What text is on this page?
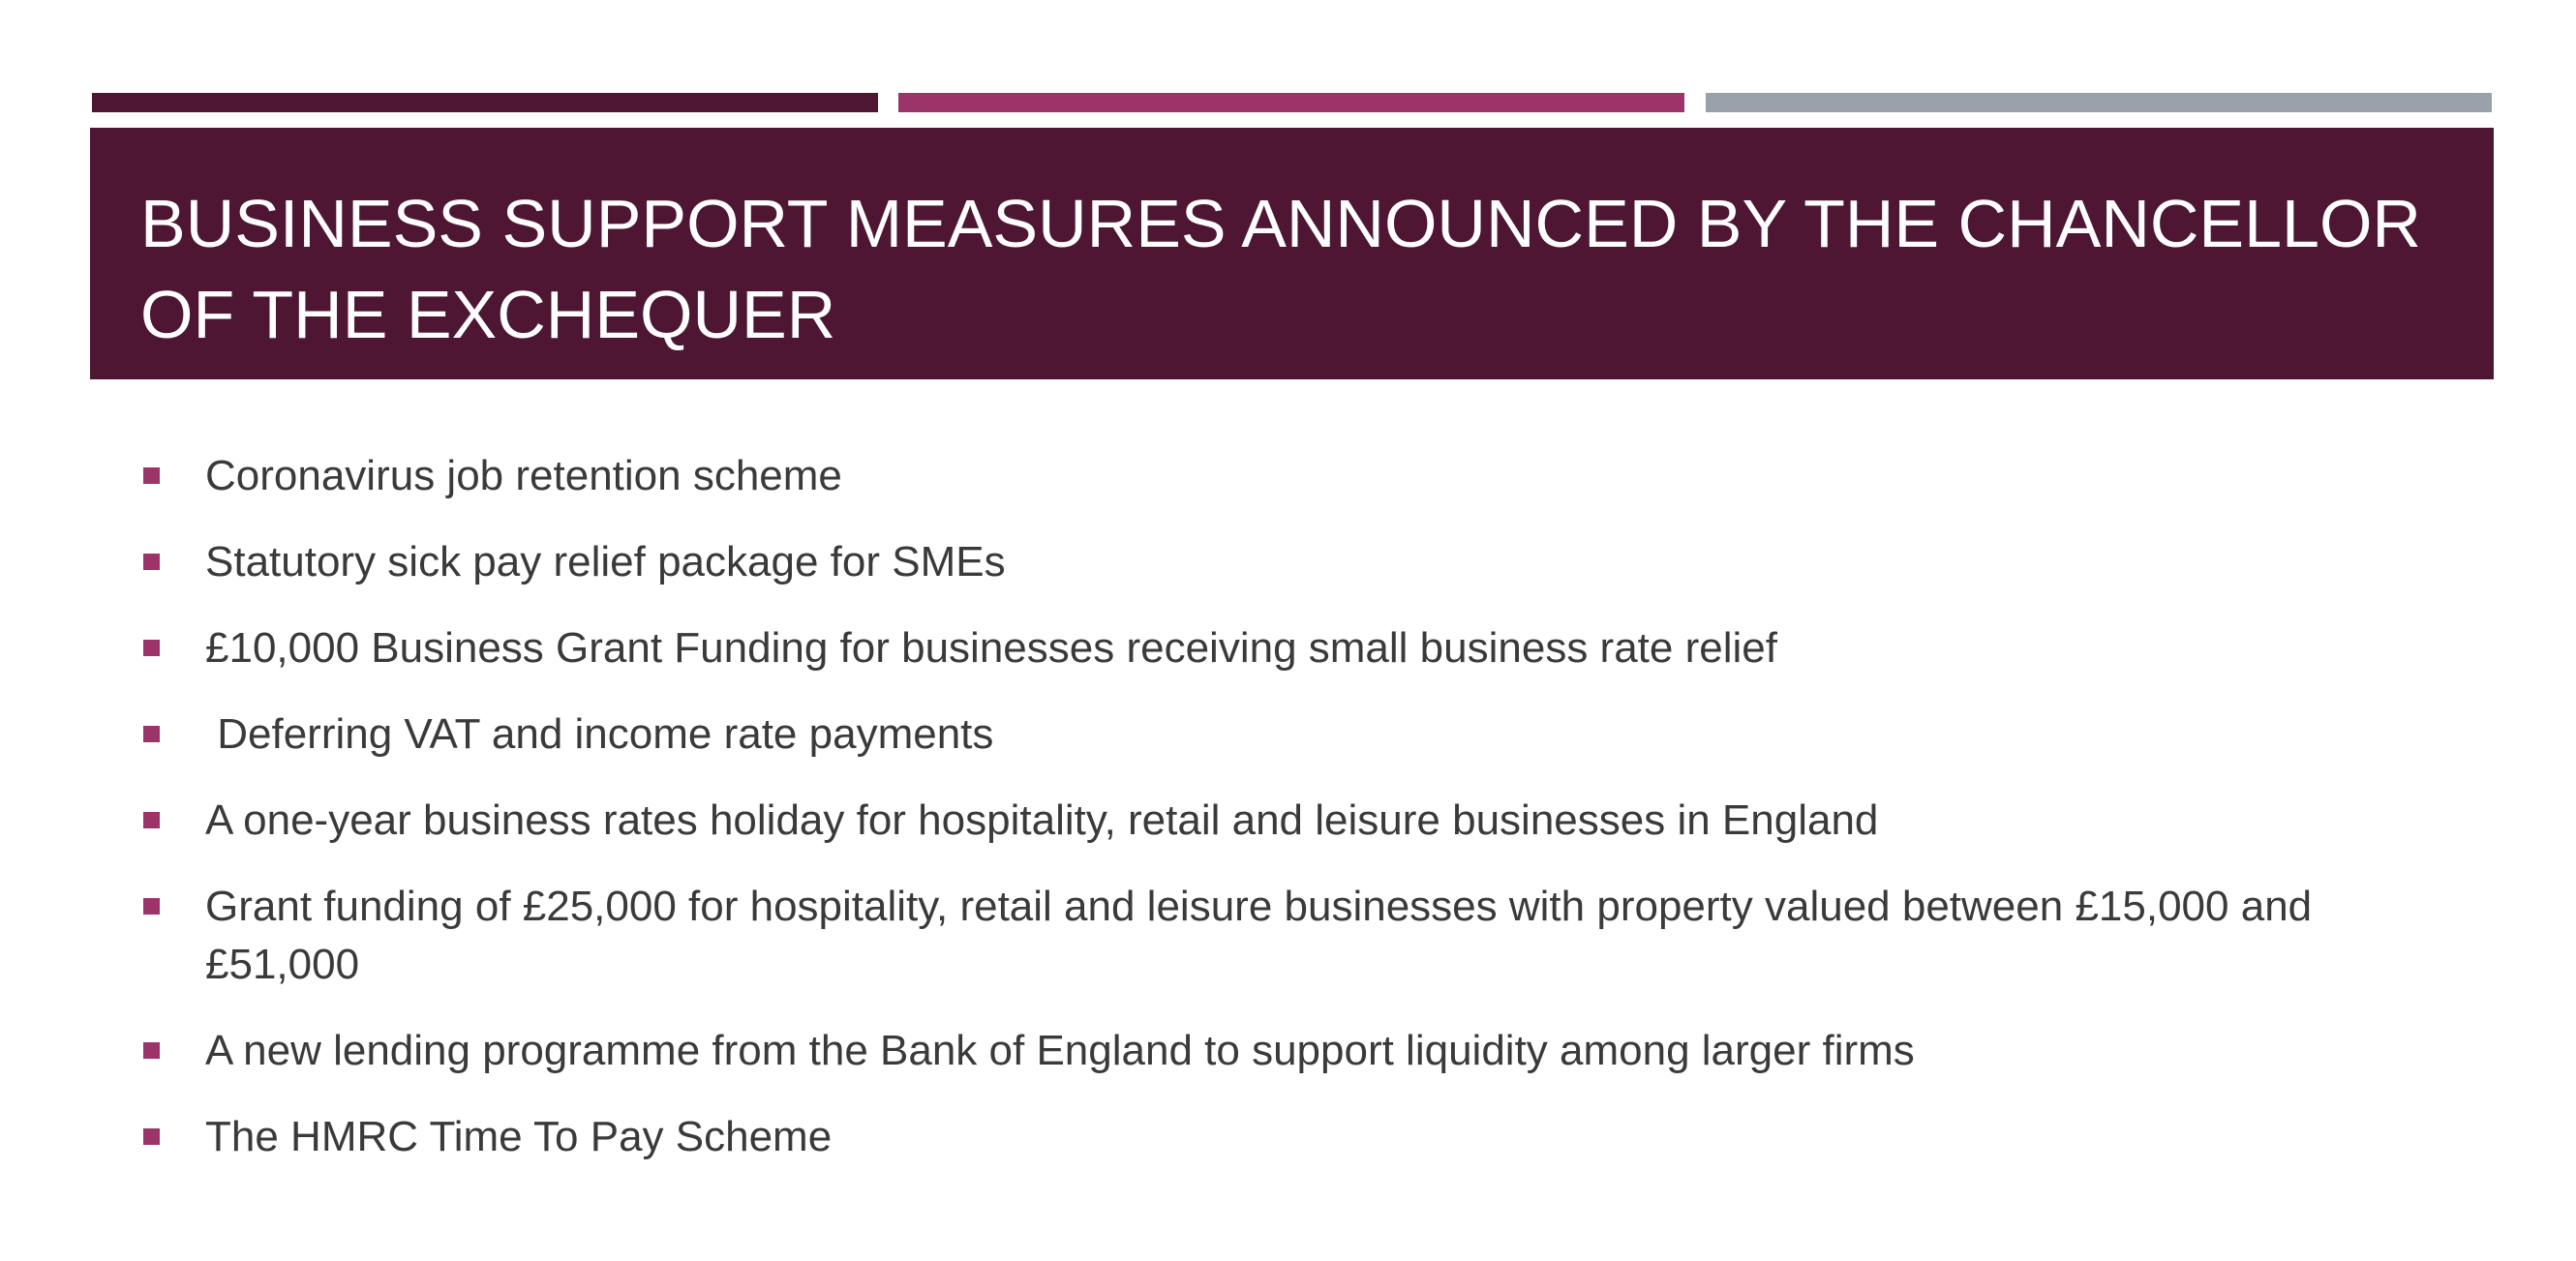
BUSINESS SUPPORT MEASURES ANNOUNCED BY THE CHANCELLOR OF THE EXCHEQUER
Coronavirus job retention scheme
Statutory sick pay relief package for SMEs
£10,000 Business Grant Funding for businesses receiving small business rate relief
Deferring VAT and income rate payments
A one-year business rates holiday for hospitality, retail and leisure businesses in England
Grant funding of £25,000 for hospitality, retail and leisure businesses with property valued between £15,000 and £51,000
A new lending programme from the Bank of England to support liquidity among larger firms
The HMRC Time To Pay Scheme
